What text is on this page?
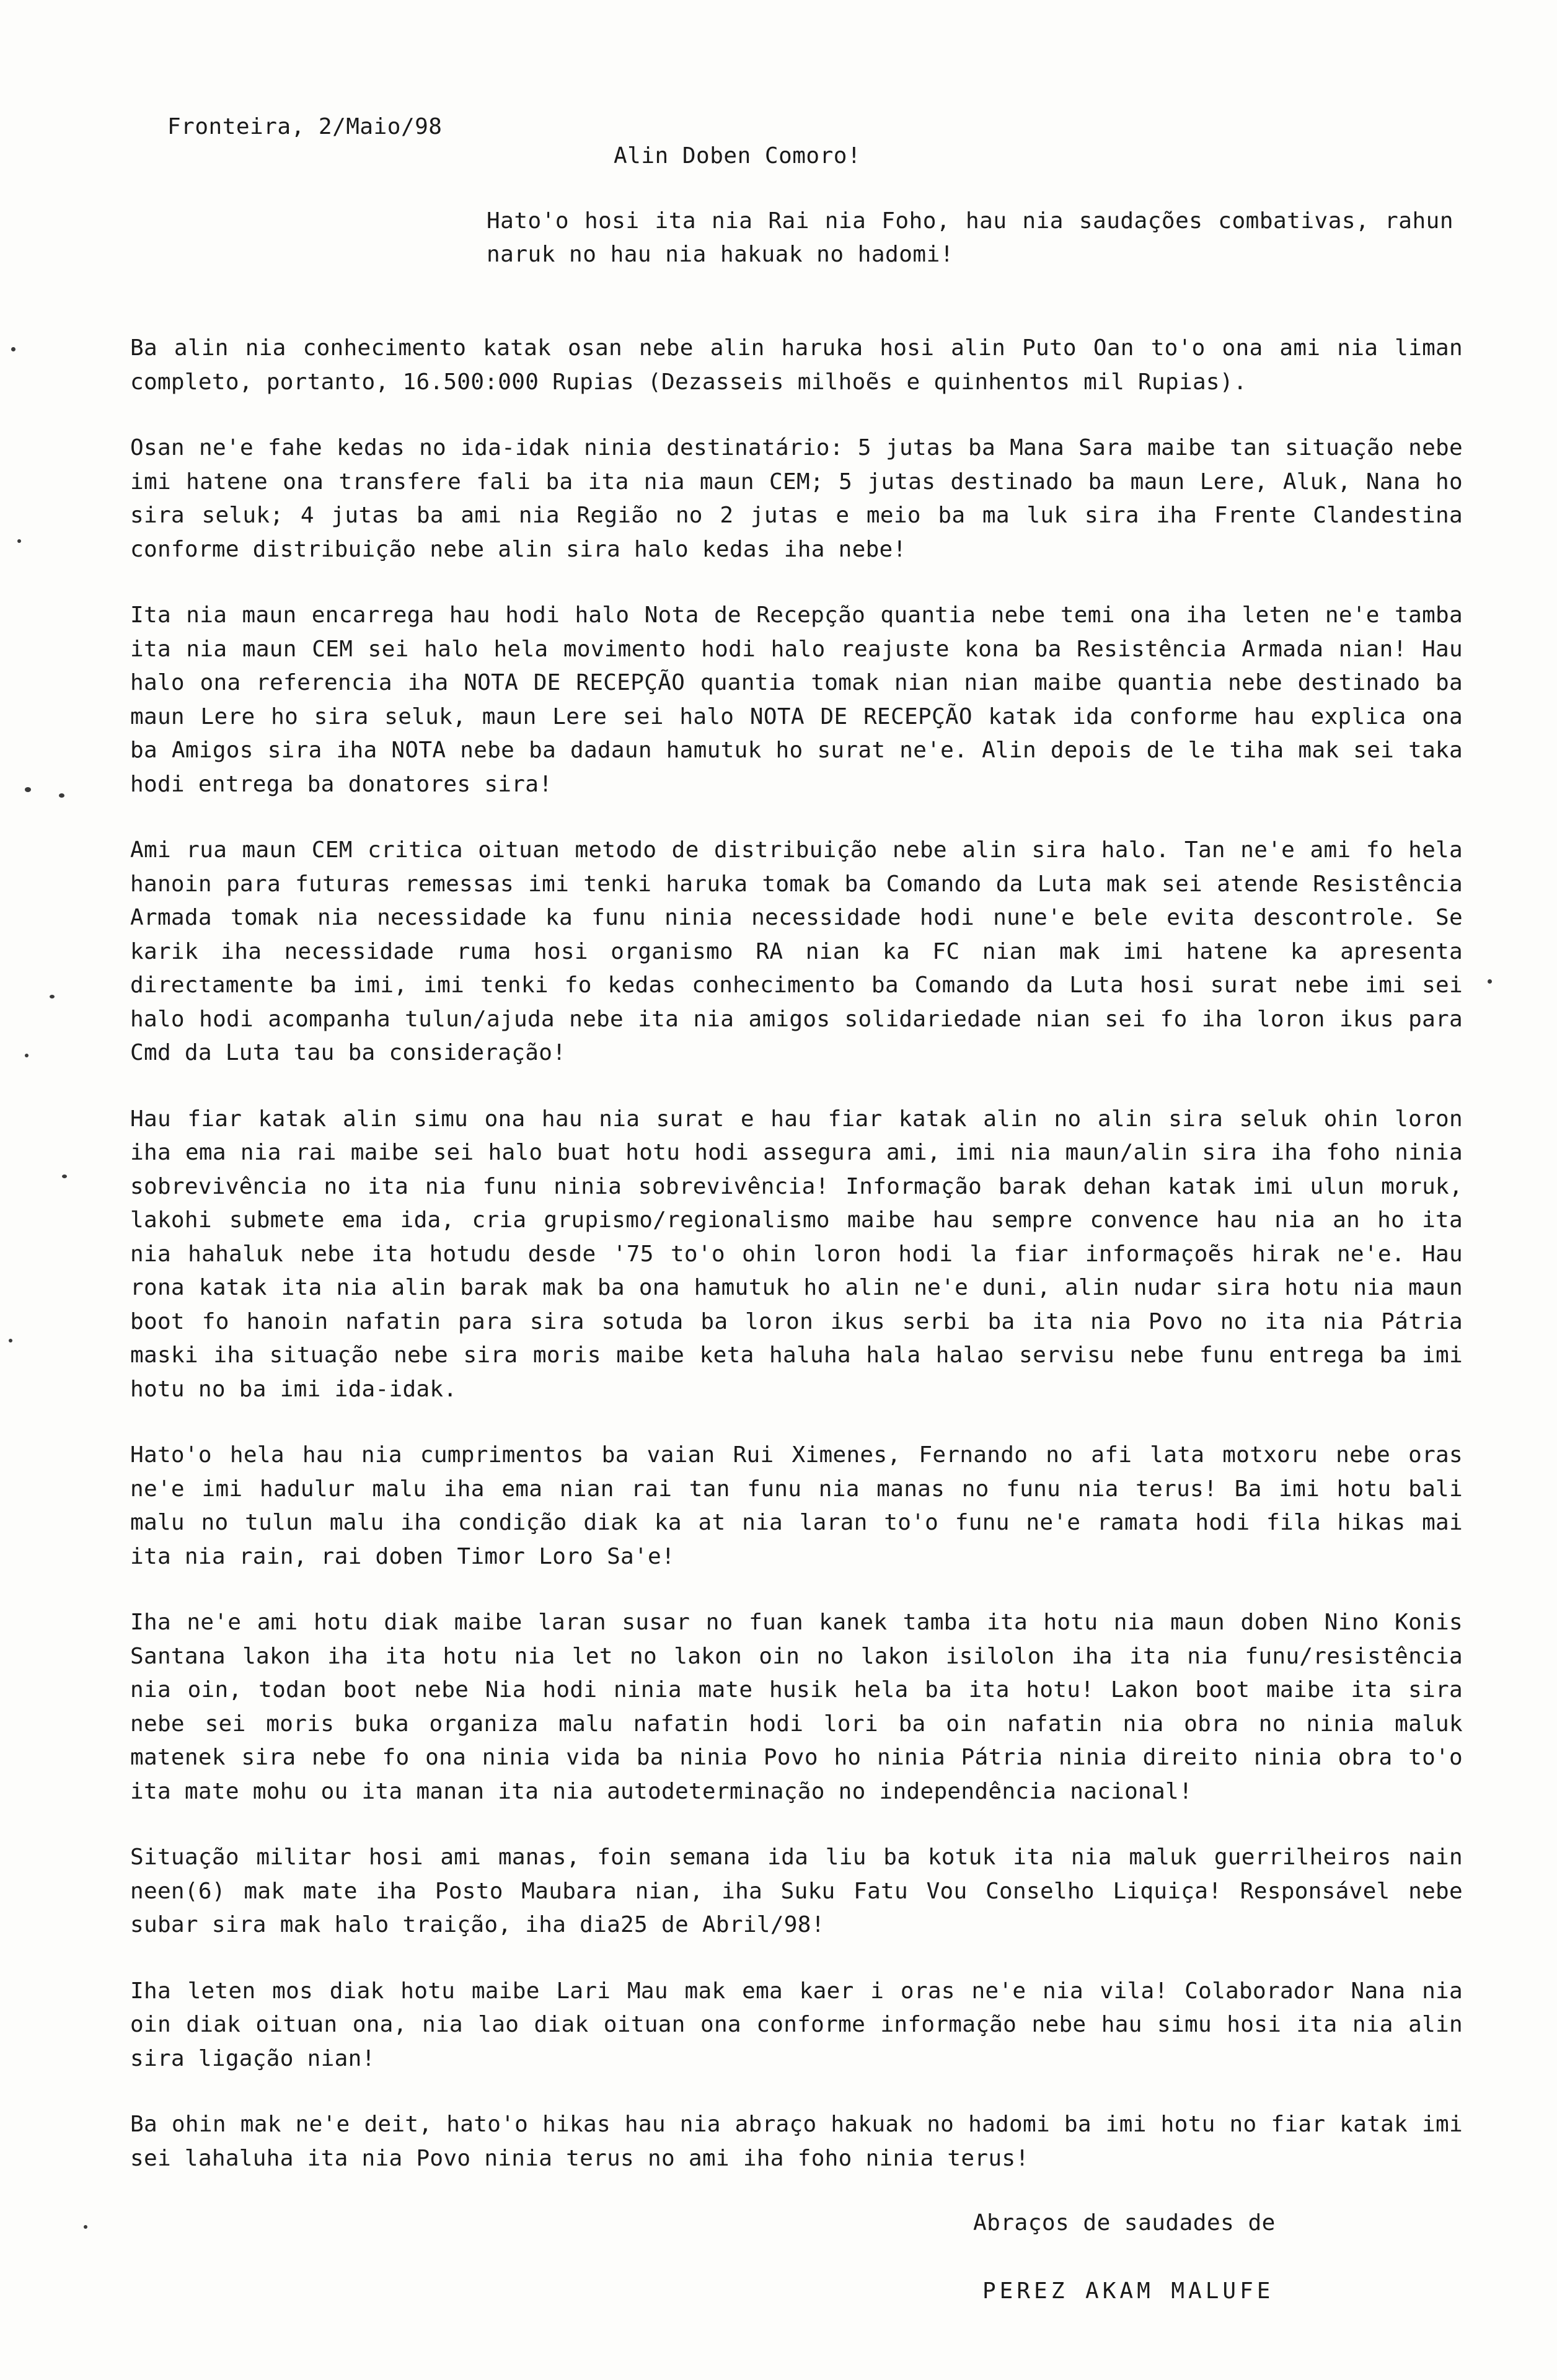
Fronteira, 2/Maio/98
Alin Doben Comoro!
Hato'o hosi ita nia Rai nia Foho, hau nia saudações combativas, rahun naruk no hau nia hakuak no hadomi!

Ba alin nia conhecimento katak osan nebe alin haruka hosi alin Puto Oan to'o ona ami nia liman completo, portanto, 16.500:000 Rupias (Dezasseis milhoẽs e quinhentos mil Rupias).

Osan ne'e fahe kedas no ida-idak ninia destinatário: 5 jutas ba Mana Sara maibe tan situação nebe imi hatene ona transfere fali ba ita nia maun CEM; 5 jutas destinado ba maun Lere, Aluk, Nana ho sira seluk; 4 jutas ba ami nia Região no 2 jutas e meio ba ma luk sira iha Frente Clandestina conforme distribuição nebe alin sira halo kedas iha nebe!

Ita nia maun encarrega hau hodi halo Nota de Recepção quantia nebe temi ona iha leten ne'e tamba ita nia maun CEM sei halo hela movimento hodi halo reajuste kona ba Resistência Armada nian! Hau halo ona referencia iha NOTA DE RECEPÇÃO quantia tomak nian nian maibe quantia nebe destinado ba maun Lere ho sira seluk, maun Lere sei halo NOTA DE RECEPÇÃO katak ida conforme hau explica ona ba Amigos sira iha NOTA nebe ba dadaun hamutuk ho surat ne'e. Alin depois de le tiha mak sei taka hodi entrega ba donatores sira!

Ami rua maun CEM critica oituan metodo de distribuição nebe alin sira halo. Tan ne'e ami fo hela hanoin para futuras remessas imi tenki haruka tomak ba Comando da Luta mak sei atende Resistência Armada tomak nia necessidade ka funu ninia necessidade hodi nune'e bele evita descontrole. Se karik iha necessidade ruma hosi organismo RA nian ka FC nian mak imi hatene ka apresenta directamente ba imi, imi tenki fo kedas conhecimento ba Comando da Luta hosi surat nebe imi sei halo hodi acompanha tulun/ajuda nebe ita nia amigos solidariedade nian sei fo iha loron ikus para Cmd da Luta tau ba consideração!

Hau fiar katak alin simu ona hau nia surat e hau fiar katak alin no alin sira seluk ohin loron iha ema nia rai maibe sei halo buat hotu hodi assegura ami, imi nia maun/alin sira iha foho ninia sobrevivência no ita nia funu ninia sobrevivência! Informação barak dehan katak imi ulun moruk, lakohi submete ema ida, cria grupismo/regionalismo maibe hau sempre convence hau nia an ho ita nia hahaluk nebe ita hotudu desde '75 to'o ohin loron hodi la fiar informaçoẽs hirak ne'e. Hau rona katak ita nia alin barak mak ba ona hamutuk ho alin ne'e duni, alin nudar sira hotu nia maun boot fo hanoin nafatin para sira sotuda ba loron ikus serbi ba ita nia Povo no ita nia Pátria maski iha situação nebe sira moris maibe keta haluha hala halao servisu nebe funu entrega ba imi hotu no ba imi ida-idak.

Hato'o hela hau nia cumprimentos ba vaian Rui Ximenes, Fernando no afi lata motxoru nebe oras ne'e imi hadulur malu iha ema nian rai tan funu nia manas no funu nia terus! Ba imi hotu bali malu no tulun malu iha condição diak ka at nia laran to'o funu ne'e ramata hodi fila hikas mai ita nia rain, rai doben Timor Loro Sa'e!

Iha ne'e ami hotu diak maibe laran susar no fuan kanek tamba ita hotu nia maun doben Nino Konis Santana lakon iha ita hotu nia let no lakon oin no lakon isilolon iha ita nia funu/resistência nia oin, todan boot nebe Nia hodi ninia mate husik hela ba ita hotu! Lakon boot maibe ita sira nebe sei moris buka organiza malu nafatin hodi lori ba oin nafatin nia obra no ninia maluk matenek sira nebe fo ona ninia vida ba ninia Povo ho ninia Pátria ninia direito ninia obra to'o ita mate mohu ou ita manan ita nia autodeterminação no independência nacional!

Situação militar hosi ami manas, foin semana ida liu ba kotuk ita nia maluk guerrilheiros nain neen(6) mak mate iha Posto Maubara nian, iha Suku Fatu Vou Conselho Liquiça! Responsável nebe subar sira mak halo traição, iha dia25 de Abril/98!

Iha leten mos diak hotu maibe Lari Mau mak ema kaer i oras ne'e nia vila! Colaborador Nana nia oin diak oituan ona, nia lao diak oituan ona conforme informação nebe hau simu hosi ita nia alin sira ligação nian!

Ba ohin mak ne'e deit, hato'o hikas hau nia abraço hakuak no hadomi ba imi hotu no fiar katak imi sei lahaluha ita nia Povo ninia terus no ami iha foho ninia terus!

Abraços de saudades de
PEREZ AKAM MALUFE
